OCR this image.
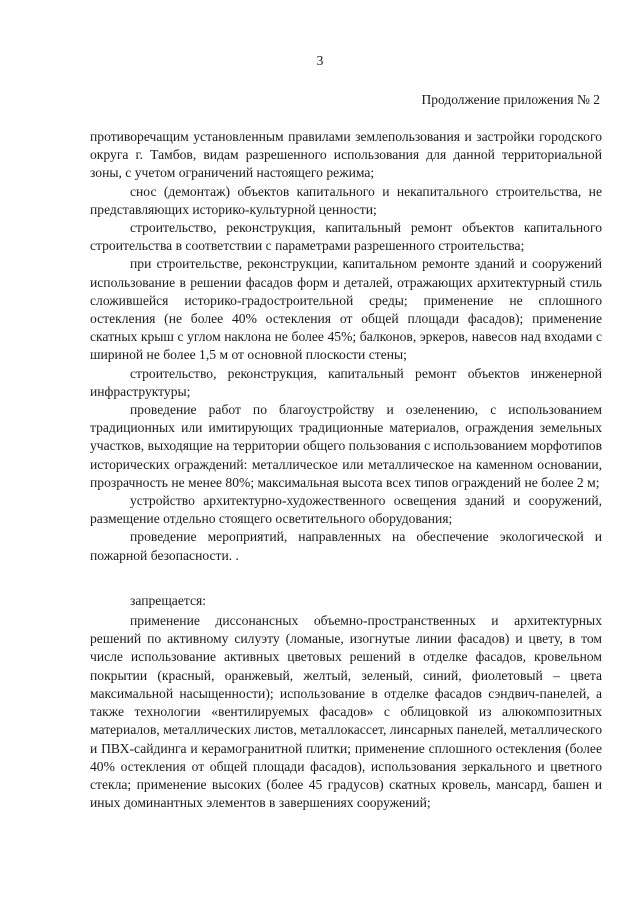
3
Продолжение приложения № 2

противоречащим установленным правилами землепользования и застройки городского округа г. Тамбов, видам разрешенного использования для данной территориальной зоны, с учетом ограничений настоящего режима;

снос (демонтаж) объектов капитального и некапитального строительства, не представляющих историко-культурной ценности;

строительство, реконструкция, капитальный ремонт объектов капитального строительства в соответствии с параметрами разрешенного строительства;

при строительстве, реконструкции, капитальном ремонте зданий и сооружений использование в решении фасадов форм и деталей, отражающих архитектурный стиль сложившейся историко-градостроительной среды; применение не сплошного остекления (не более 40% остекления от общей площади фасадов); применение скатных крыш с углом наклона не более 45%; балконов, эркеров, навесов над входами с шириной не более 1,5 м от основной плоскости стены;

строительство, реконструкция, капитальный ремонт объектов инженерной инфраструктуры;

проведение работ по благоустройству и озеленению, с использованием традиционных или имитирующих традиционные материалов, ограждения земельных участков, выходящие на территории общего пользования с использованием морфотипов исторических ограждений: металлическое или металлическое на каменном основании, прозрачность не менее 80%; максимальная высота всех типов ограждений не более 2 м;

устройство архитектурно-художественного освещения зданий и сооружений, размещение отдельно стоящего осветительного оборудования;

проведение мероприятий, направленных на обеспечение экологической и пожарной безопасности. .

запрещается:

применение диссонансных объемно-пространственных и архитектурных решений по активному силуэту (ломаные, изогнутые линии фасадов) и цвету, в том числе использование активных цветовых решений в отделке фасадов, кровельном покрытии (красный, оранжевый, желтый, зеленый, синий, фиолетовый – цвета максимальной насыщенности); использование в отделке фасадов сэндвич-панелей, а также технологии «вентилируемых фасадов» с облицовкой из алюкомпозитных материалов, металлических листов, металлокассет, линсарных панелей, металлического и ПВХ-сайдинга и керамогранитной плитки; применение сплошного остекления (более 40% остекления от общей площади фасадов), использования зеркального и цветного стекла; применение высоких (более 45 градусов) скатных кровель, мансард, башен и иных доминантных элементов в завершениях сооружений;
